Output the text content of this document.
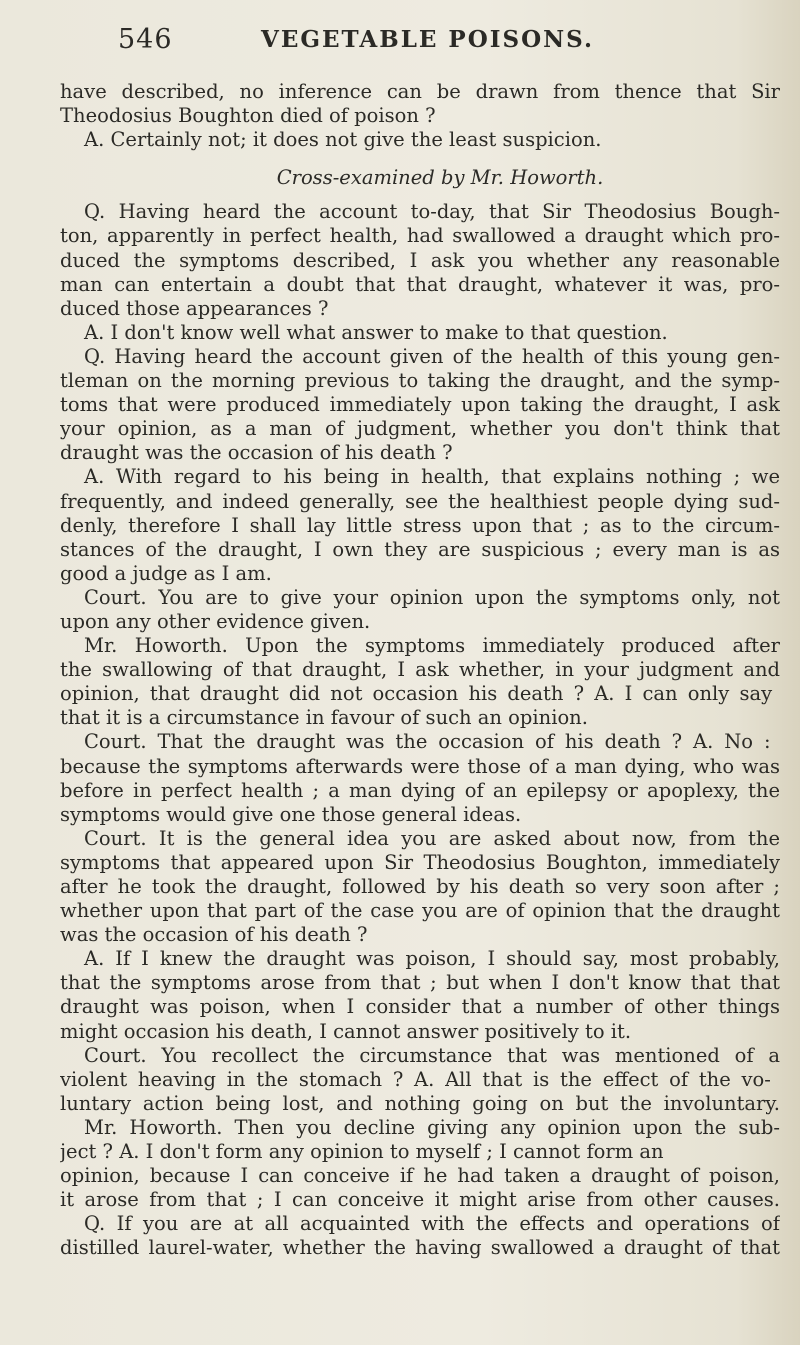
546	VEGETABLE POISONS.
have described, no inference can be drawn from thence that Sir
Theodosius Boughton died of poison ?
A. Certainly not; it does not give the least suspicion.
Cross-examined by Mr. Howorth.
Q. Having heard the account to-day, that Sir Theodosius Bough-
ton, apparently in perfect health, had swallowed a draught which pro-
duced the symptoms described, I ask you whether any reasonable
man can entertain a doubt that that draught, whatever it was, pro-
duced those appearances ?
A. I don't know well what answer to make to that question.
Q. Having heard the account given of the health of this young gen-
tleman on the morning previous to taking the draught, and the symp-
toms that were produced immediately upon taking the draught, I ask
your opinion, as a man of judgment, whether you don't think that
draught was the occasion of his death ?
A. With regard to his being in health, that explains nothing ; we
frequently, and indeed generally, see the healthiest people dying sud-
denly, therefore I shall lay little stress upon that ; as to the circum-
stances of the draught, I own they are suspicious ; every man is as
good a judge as I am.
Court. You are to give your opinion upon the symptoms only, not
upon any other evidence given.
Mr. Howorth. Upon the symptoms immediately produced after
the swallowing of that draught, I ask whether, in your judgment and
opinion, that draught did not occasion his death ? A. I can only say
that it is a circumstance in favour of such an opinion.
Court. That the draught was the occasion of his death ? A. No :
because the symptoms afterwards were those of a man dying, who was
before in perfect health ; a man dying of an epilepsy or apoplexy, the
symptoms would give one those general ideas.
Court. It is the general idea you are asked about now, from the
symptoms that appeared upon Sir Theodosius Boughton, immediately
after he took the draught, followed by his death so very soon after ;
whether upon that part of the case you are of opinion that the draught
was the occasion of his death ?
A. If I knew the draught was poison, I should say, most probably,
that the symptoms arose from that ; but when I don't know that that
draught was poison, when I consider that a number of other things
might occasion his death, I cannot answer positively to it.
Court. You recollect the circumstance that was mentioned of a
violent heaving in the stomach ? A. All that is the effect of the vo-
luntary action being lost, and nothing going on but the involuntary.
Mr. Howorth. Then you decline giving any opinion upon the sub-
ject ? A. I don't form any opinion to myself ; I cannot form an
opinion, because I can conceive if he had taken a draught of poison,
it arose from that ; I can conceive it might arise from other causes.
Q. If you are at all acquainted with the effects and operations of
distilled laurel-water, whether the having swallowed a draught of that
